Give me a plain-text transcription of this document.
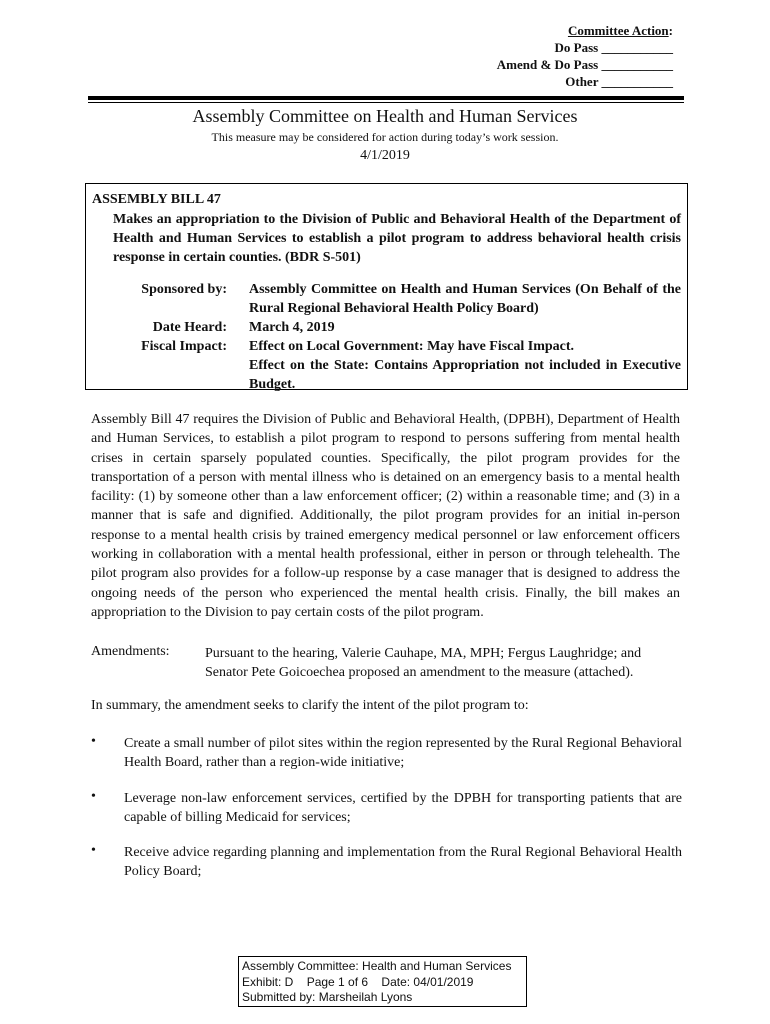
Committee Action:
Do Pass ___________
Amend & Do Pass ___________
Other ___________
Assembly Committee on Health and Human Services
This measure may be considered for action during today’s work session.
4/1/2019
ASSEMBLY BILL 47
Makes an appropriation to the Division of Public and Behavioral Health of the Department of Health and Human Services to establish a pilot program to address behavioral health crisis response in certain counties. (BDR S-501)
Sponsored by:

Date Heard:
Fiscal Impact:
Assembly Committee on Health and Human Services (On Behalf of the Rural Regional Behavioral Health Policy Board)
March 4, 2019
Effect on Local Government: May have Fiscal Impact.
Effect on the State: Contains Appropriation not included in Executive Budget.
Assembly Bill 47 requires the Division of Public and Behavioral Health, (DPBH), Department of Health and Human Services, to establish a pilot program to respond to persons suffering from mental health crises in certain sparsely populated counties. Specifically, the pilot program provides for the transportation of a person with mental illness who is detained on an emergency basis to a mental health facility: (1) by someone other than a law enforcement officer; (2) within a reasonable time; and (3) in a manner that is safe and dignified. Additionally, the pilot program provides for an initial in-person response to a mental health crisis by trained emergency medical personnel or law enforcement officers working in collaboration with a mental health professional, either in person or through telehealth. The pilot program also provides for a follow-up response by a case manager that is designed to address the ongoing needs of the person who experienced the mental health crisis. Finally, the bill makes an appropriation to the Division to pay certain costs of the pilot program.
Amendments:	Pursuant to the hearing, Valerie Cauhape, MA, MPH; Fergus Laughridge; and Senator Pete Goicoechea proposed an amendment to the measure (attached).
In summary, the amendment seeks to clarify the intent of the pilot program to:
• Create a small number of pilot sites within the region represented by the Rural Regional Behavioral Health Board, rather than a region-wide initiative;
• Leverage non-law enforcement services, certified by the DPBH for transporting patients that are capable of billing Medicaid for services;
• Receive advice regarding planning and implementation from the Rural Regional Behavioral Health Policy Board;
Assembly Committee: Health and Human Services
Exhibit: D    Page 1 of 6    Date: 04/01/2019
Submitted by: Marsheilah Lyons
